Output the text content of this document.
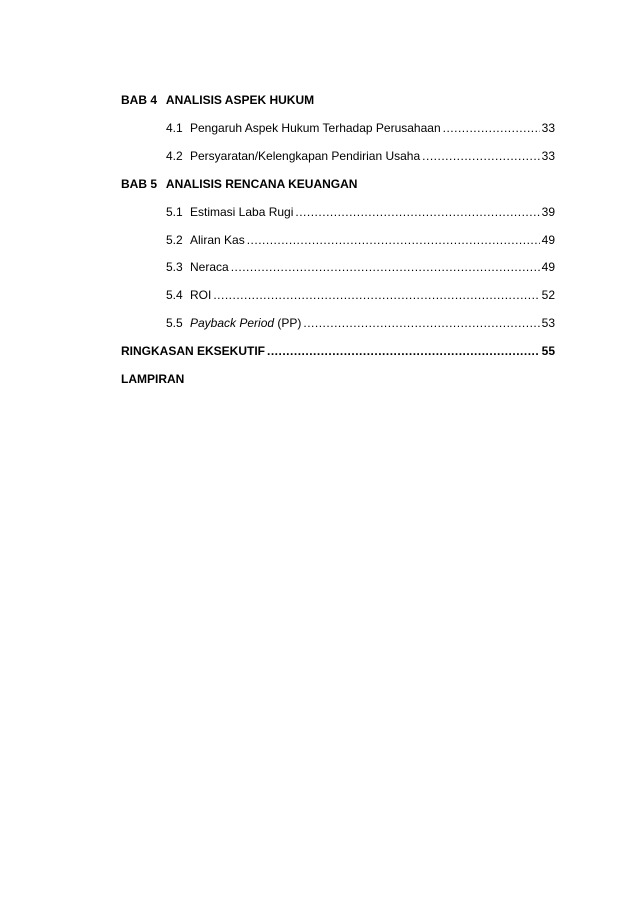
BAB 4 ANALISIS ASPEK HUKUM
4.1 Pengaruh Aspek Hukum Terhadap Perusahaan .....	33
4.2 Persyaratan/Kelengkapan Pendirian Usaha .....	33
BAB 5 ANALISIS RENCANA KEUANGAN
5.1 Estimasi Laba Rugi .....	39
5.2 Aliran Kas .....	49
5.3 Neraca .....	49
5.4 ROI .....	52
5.5 Payback Period (PP) .....	53
RINGKASAN EKSEKUTIF .....	55
LAMPIRAN
